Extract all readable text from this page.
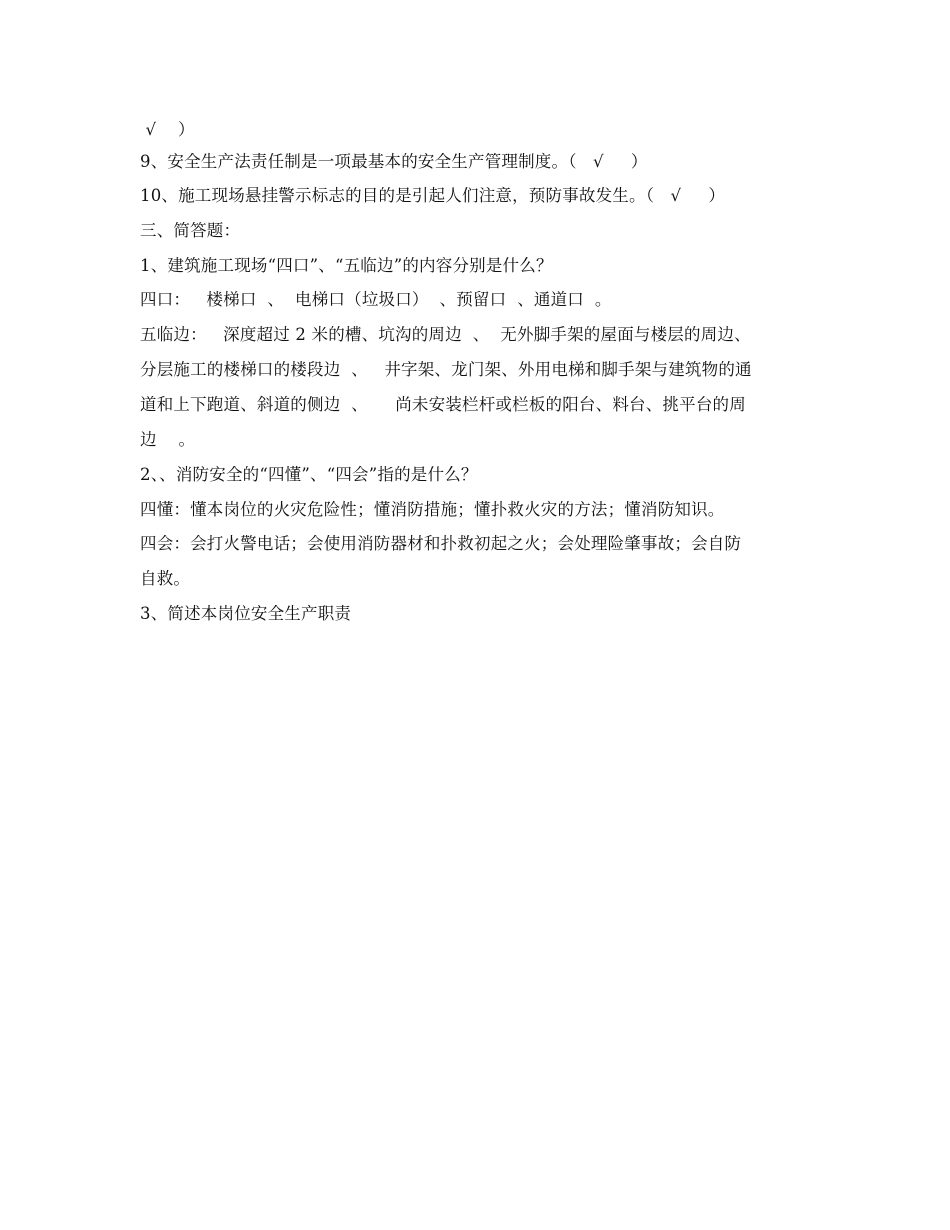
√    ）
9、安全生产法责任制是一项最基本的安全生产管理制度。（   √     ）
10、施工现场悬挂警示标志的目的是引起人们注意，预防事故发生。（   √     ）
三、简答题：
1、建筑施工现场“四口”、“五临边”的内容分别是什么？
四口：   楼梯口  、  电梯口（垃圾口）  、预留口  、通道口  。
五临边：   深度超过 2 米的槽、坑沟的周边  、  无外脚手架的屋面与楼层的周边、
分层施工的楼梯口的楼段边  、   井字架、龙门架、外用电梯和脚手架与建筑物的通
道和上下跑道、斜道的侧边  、     尚未安装栏杆或栏板的阳台、料台、挑平台的周
边    。
2、、消防安全的“四懂”、“四会”指的是什么？
四懂：懂本岗位的火灾危险性；懂消防措施；懂扑救火灾的方法；懂消防知识。
四会：会打火警电话；会使用消防器材和扑救初起之火；会处理险肇事故；会自防
自救。
3、简述本岗位安全生产职责
